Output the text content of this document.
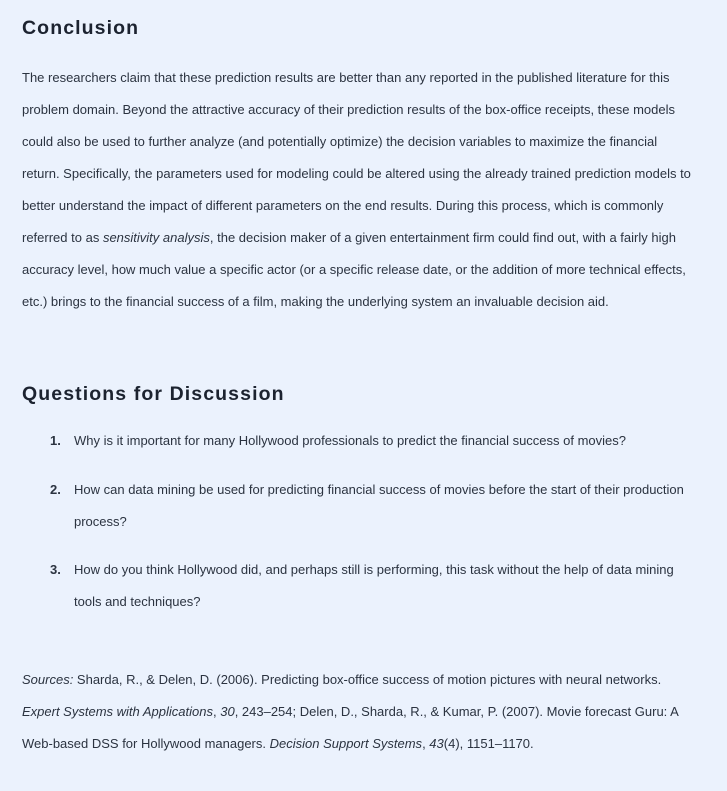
Conclusion

The researchers claim that these prediction results are better than any reported in the published literature for this problem domain. Beyond the attractive accuracy of their prediction results of the box-office receipts, these models could also be used to further analyze (and potentially optimize) the decision variables to maximize the financial return. Specifically, the parameters used for modeling could be altered using the already trained prediction models to better understand the impact of different parameters on the end results. During this process, which is commonly referred to as sensitivity analysis, the decision maker of a given entertainment firm could find out, with a fairly high accuracy level, how much value a specific actor (or a specific release date, or the addition of more technical effects, etc.) brings to the financial success of a film, making the underlying system an invaluable decision aid.

Questions for Discussion
1.	Why is it important for many Hollywood professionals to predict the financial success of movies?
2.	How can data mining be used for predicting financial success of movies before the start of their production process?
3.	How do you think Hollywood did, and perhaps still is performing, this task without the help of data mining tools and techniques?

Sources: Sharda, R., & Delen, D. (2006). Predicting box-office success of motion pictures with neural networks. Expert Systems with Applications, 30, 243–254; Delen, D., Sharda, R., & Kumar, P. (2007). Movie forecast Guru: A Web-based DSS for Hollywood managers. Decision Support Systems, 43(4), 1151–1170.
